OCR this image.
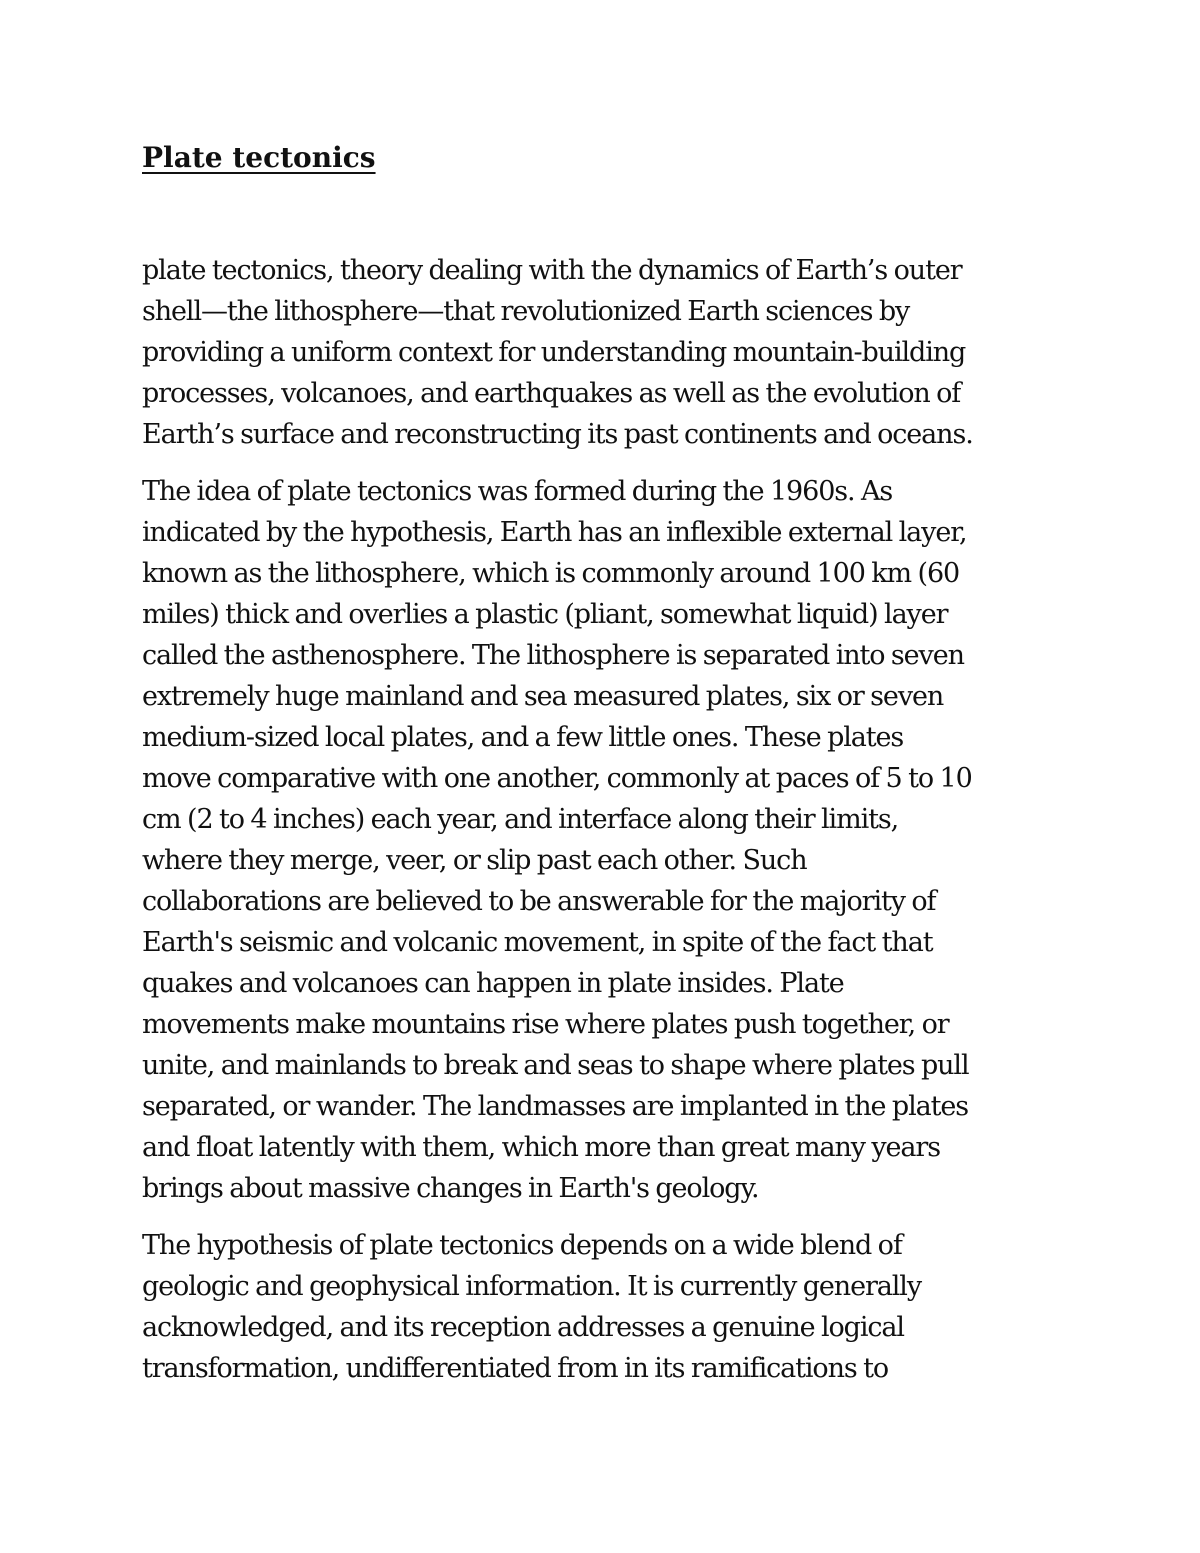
Plate tectonics

plate tectonics, theory dealing with the dynamics of Earth’s outer
shell—the lithosphere—that revolutionized Earth sciences by
providing a uniform context for understanding mountain-building
processes, volcanoes, and earthquakes as well as the evolution of
Earth’s surface and reconstructing its past continents and oceans.

The idea of plate tectonics was formed during the 1960s. As
indicated by the hypothesis, Earth has an inflexible external layer,
known as the lithosphere, which is commonly around 100 km (60
miles) thick and overlies a plastic (pliant, somewhat liquid) layer
called the asthenosphere. The lithosphere is separated into seven
extremely huge mainland and sea measured plates, six or seven
medium-sized local plates, and a few little ones. These plates
move comparative with one another, commonly at paces of 5 to 10
cm (2 to 4 inches) each year, and interface along their limits,
where they merge, veer, or slip past each other. Such
collaborations are believed to be answerable for the majority of
Earth's seismic and volcanic movement, in spite of the fact that
quakes and volcanoes can happen in plate insides. Plate
movements make mountains rise where plates push together, or
unite, and mainlands to break and seas to shape where plates pull
separated, or wander. The landmasses are implanted in the plates
and float latently with them, which more than great many years
brings about massive changes in Earth's geology.

The hypothesis of plate tectonics depends on a wide blend of
geologic and geophysical information. It is currently generally
acknowledged, and its reception addresses a genuine logical
transformation, undifferentiated from in its ramifications to
